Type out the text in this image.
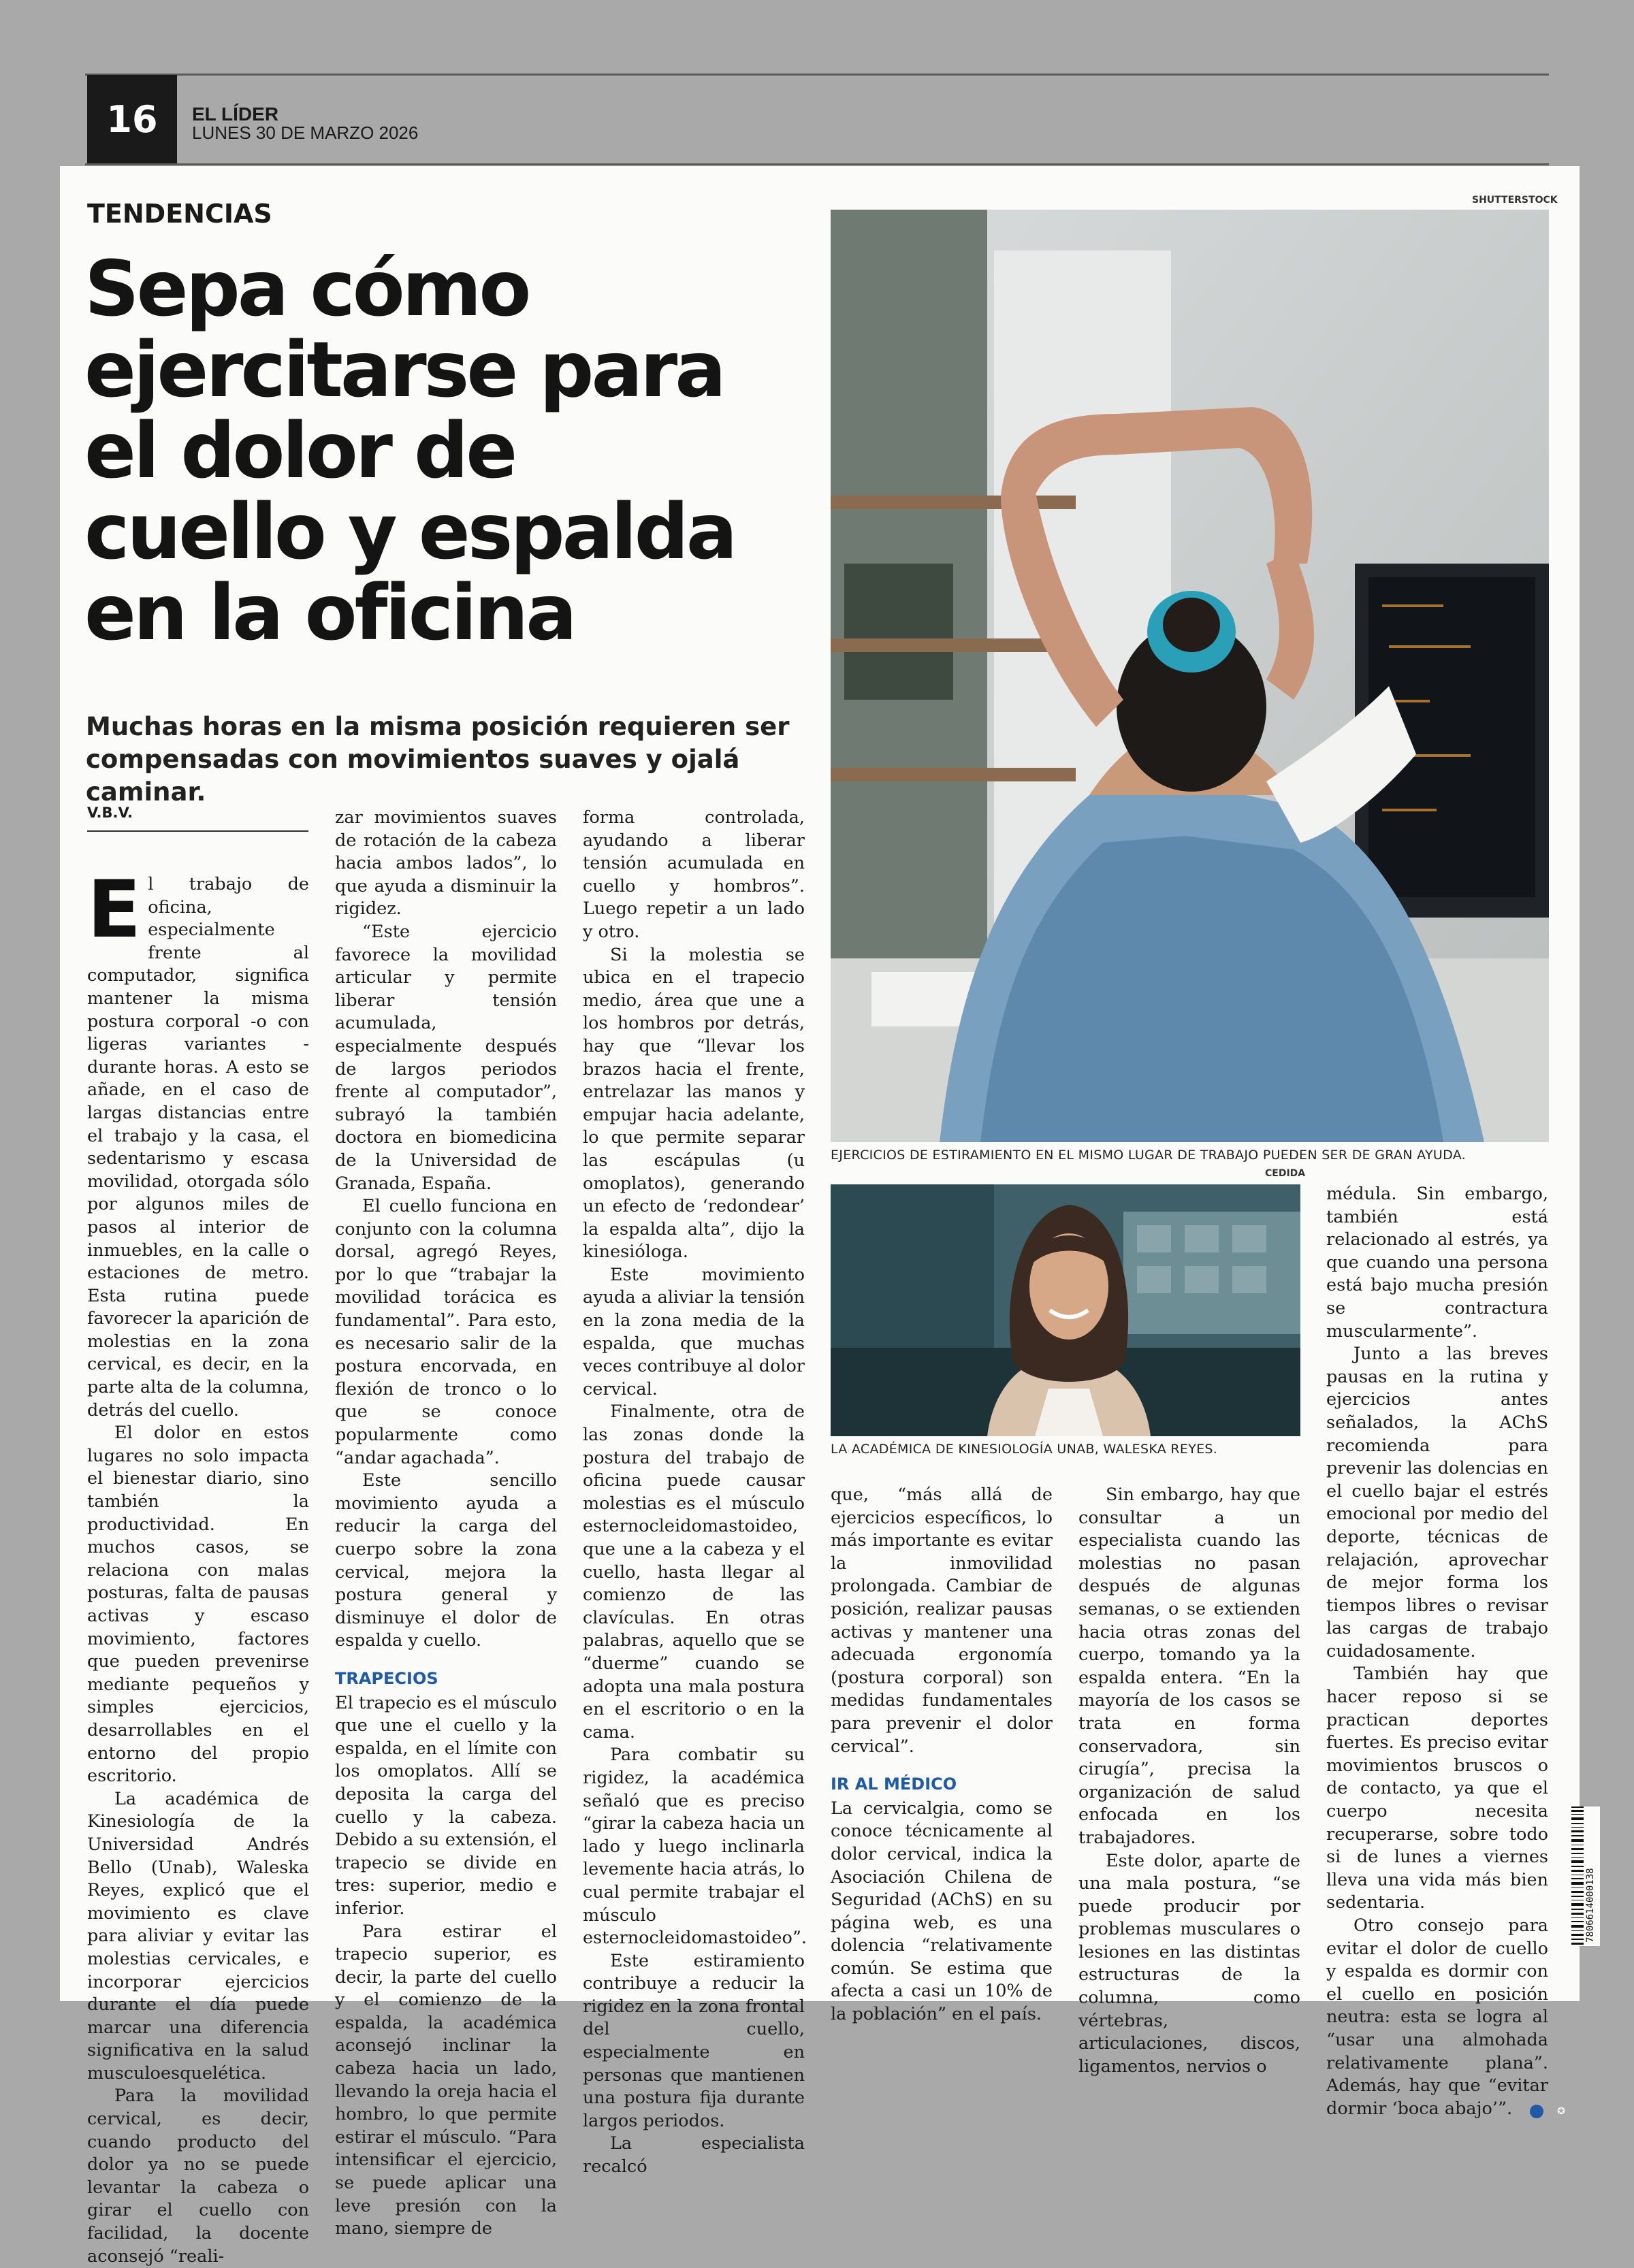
16	EL LÍDER
LUNES 30 DE MARZO 2026
TENDENCIAS
Sepa cómo
ejercitarse para
el dolor de
cuello y espalda
en la oficina
Muchas horas en la misma posición requieren ser
compensadas con movimientos suaves y ojalá caminar.
V.B.V.
SHUTTERSTOCK
EJERCICIOS DE ESTIRAMIENTO EN EL MISMO LUGAR DE TRABAJO PUEDEN SER DE GRAN AYUDA.
CEDIDA
LA ACADÉMICA DE KINESIOLOGÍA UNAB, WALESKA REYES.

El trabajo de oficina, especialmente frente al computador, significa mantener la misma postura corporal -o con ligeras variantes -durante horas. A esto se añade, en el caso de largas distancias entre el trabajo y la casa, el sedentarismo y escasa movilidad, otorgada sólo por algunos miles de pasos al interior de inmuebles, en la calle o estaciones de metro. Esta rutina puede favorecer la aparición de molestias en la zona cervical, es decir, en la parte alta de la columna, detrás del cuello.

El dolor en estos lugares no solo impacta el bienestar diario, sino también la productividad. En muchos casos, se relaciona con malas posturas, falta de pausas activas y escaso movimiento, factores que pueden prevenirse mediante pequeños y simples ejercicios, desarrollables en el entorno del propio escritorio.

La académica de Kinesiología de la Universidad Andrés Bello (Unab), Waleska Reyes, explicó que el movimiento es clave para aliviar y evitar las molestias cervicales, e incorporar ejercicios durante el día puede marcar una diferencia significativa en la salud musculoesquelética.

Para la movilidad cervical, es decir, cuando producto del dolor ya no se puede levantar la cabeza o girar el cuello con facilidad, la docente aconsejó “reali-

zar movimientos suaves de rotación de la cabeza hacia ambos lados”, lo que ayuda a disminuir la rigidez.

“Este ejercicio favorece la movilidad articular y permite liberar tensión acumulada, especialmente después de largos periodos frente al computador”, subrayó la también doctora en biomedicina de la Universidad de Granada, España.

El cuello funciona en conjunto con la columna dorsal, agregó Reyes, por lo que “trabajar la movilidad torácica es fundamental”. Para esto, es necesario salir de la postura encorvada, en flexión de tronco o lo que se conoce popularmente como “andar agachada”.

Este sencillo movimiento ayuda a reducir la carga del cuerpo sobre la zona cervical, mejora la postura general y disminuye el dolor de espalda y cuello.

TRAPECIOS

El trapecio es el músculo que une el cuello y la espalda, en el límite con los omoplatos. Allí se deposita la carga del cuello y la cabeza. Debido a su extensión, el trapecio se divide en tres: superior, medio e inferior.

Para estirar el trapecio superior, es decir, la parte del cuello y el comienzo de la espalda, la académica aconsejó inclinar la cabeza hacia un lado, llevando la oreja hacia el hombro, lo que permite estirar el músculo. “Para intensificar el ejercicio, se puede aplicar una leve presión con la mano, siempre de

forma controlada, ayudando a liberar tensión acumulada en cuello y hombros”. Luego repetir a un lado y otro.

Si la molestia se ubica en el trapecio medio, área que une a los hombros por detrás, hay que “llevar los brazos hacia el frente, entrelazar las manos y empujar hacia adelante, lo que permite separar las escápulas (u omoplatos), generando un efecto de ‘redondear’ la espalda alta”, dijo la kinesióloga.

Este movimiento ayuda a aliviar la tensión en la zona media de la espalda, que muchas veces contribuye al dolor cervical.

Finalmente, otra de las zonas donde la postura del trabajo de oficina puede causar molestias es el músculo esternocleidomastoideo, que une a la cabeza y el cuello, hasta llegar al comienzo de las clavículas. En otras palabras, aquello que se “duerme” cuando se adopta una mala postura en el escritorio o en la cama.

Para combatir su rigidez, la académica señaló que es preciso “girar la cabeza hacia un lado y luego inclinarla levemente hacia atrás, lo cual permite trabajar el músculo esternocleidomastoideo”.

Este estiramiento contribuye a reducir la rigidez en la zona frontal del cuello, especialmente en personas que mantienen una postura fija durante largos periodos.

La especialista recalcó

que, “más allá de ejercicios específicos, lo más importante es evitar la inmovilidad prolongada. Cambiar de posición, realizar pausas activas y mantener una adecuada ergonomía (postura corporal) son medidas fundamentales para prevenir el dolor cervical”.

IR AL MÉDICO

La cervicalgia, como se conoce técnicamente al dolor cervical, indica la Asociación Chilena de Seguridad (AChS) en su página web, es una dolencia “relativamente común. Se estima que afecta a casi un 10% de la población” en el país.

Sin embargo, hay que consultar a un especialista cuando las molestias no pasan después de algunas semanas, o se extienden hacia otras zonas del cuerpo, tomando ya la espalda entera. “En la mayoría de los casos se trata en forma conservadora, sin cirugía”, precisa la organización de salud enfocada en los trabajadores.

Este dolor, aparte de una mala postura, “se puede producir por problemas musculares o lesiones en las distintas estructuras de la columna, como vértebras, articulaciones, discos, ligamentos, nervios o

médula. Sin embargo, también está relacionado al estrés, ya que cuando una persona está bajo mucha presión se contractura muscularmente”.

Junto a las breves pausas en la rutina y ejercicios antes señalados, la AChS recomienda para prevenir las dolencias en el cuello bajar el estrés emocional por medio del deporte, técnicas de relajación, aprovechar de mejor forma los tiempos libres o revisar las cargas de trabajo cuidadosamente.

También hay que hacer reposo si se practican deportes fuertes. Es preciso evitar movimientos bruscos o de contacto, ya que el cuerpo necesita recuperarse, sobre todo si de lunes a viernes lleva una vida más bien sedentaria.

Otro consejo para evitar el dolor de cuello y espalda es dormir con el cuello en posición neutra: esta se logra al “usar una almohada relativamente plana”. Además, hay que “evitar dormir ‘boca abajo’”.	✪

7806614000138
